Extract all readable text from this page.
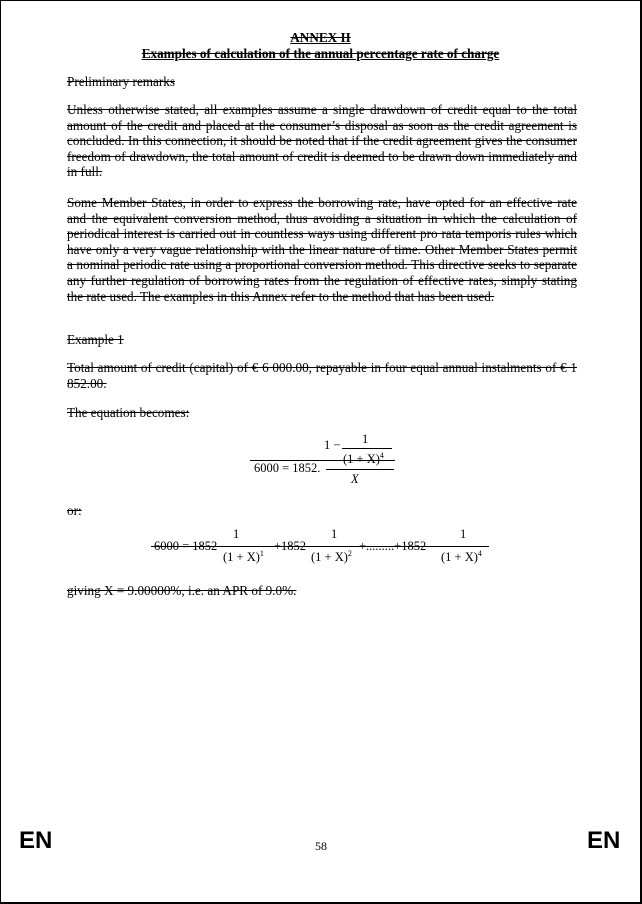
ANNEX II
Examples of calculation of the annual percentage rate of charge
Preliminary remarks
Unless otherwise stated, all examples assume a single drawdown of credit equal to the total amount of the credit and placed at the consumer’s disposal as soon as the credit agreement is concluded. In this connection, it should be noted that if the credit agreement gives the consumer freedom of drawdown, the total amount of credit is deemed to be drawn down immediately and in full.
Some Member States, in order to express the borrowing rate, have opted for an effective rate and the equivalent conversion method, thus avoiding a situation in which the calculation of periodical interest is carried out in countless ways using different pro rata temporis rules which have only a very vague relationship with the linear nature of time. Other Member States permit a nominal periodic rate using a proportional conversion method. This directive seeks to separate any further regulation of borrowing rates from the regulation of effective rates, simply stating the rate used. The examples in this Annex refer to the method that has been used.
Example 1
Total amount of credit (capital) of € 6 000.00, repayable in four equal annual instalments of € 1 852.00.
The equation becomes:
1 − 1
$^4$
6000 = 1852.
X
or:
6000 = 1852
1
$(1 + X)^1$
+1852
1
$(1 + X)^2$
+.........+1852
1
$(1 + X)^4$
giving X = 9.00000%, i.e. an APR of 9.0%.
EN	58	EN
